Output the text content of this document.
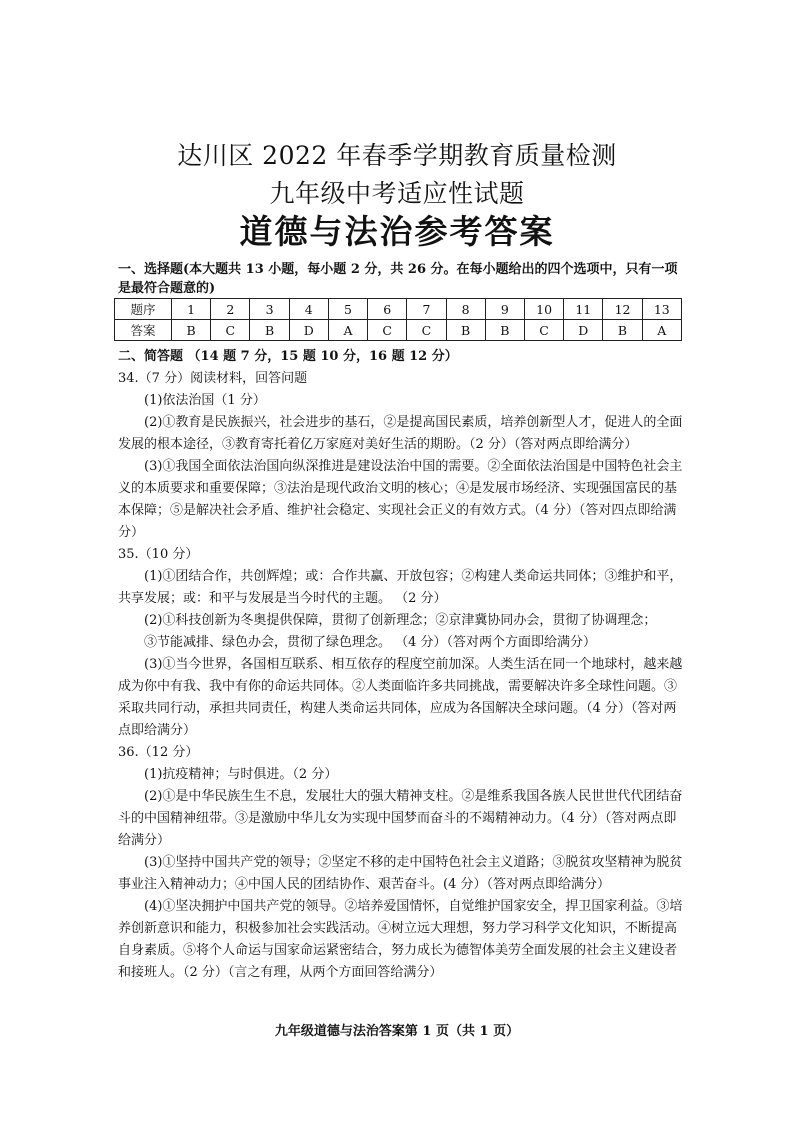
达川区 2022 年春季学期教育质量检测
九年级中考适应性试题
道德与法治参考答案
一、选择题(本大题共 13 小题，每小题 2 分，共 26 分。在每小题给出的四个选项中，只有一项是最符合题意的)
题序	1	2	3	4	5	6	7	8	9	10	11	12	13
答案	B	C	B	D	A	C	C	B	B	C	D	B	A

二、简答题 （14 题 7 分，15 题 10 分，16 题 12 分）

34.（7 分）阅读材料，回答问题

(1)依法治国（1 分）

(2)①教育是民族振兴，社会进步的基石，②是提高国民素质，培养创新型人才，促进人的全面发展的根本途径，③教育寄托着亿万家庭对美好生活的期盼。（2 分）（答对两点即给满分）

(3)①我国全面依法治国向纵深推进是建设法治中国的需要。②全面依法治国是中国特色社会主义的本质要求和重要保障；③法治是现代政治文明的核心；④是发展市场经济、实现强国富民的基本保障；⑤是解决社会矛盾、维护社会稳定、实现社会正义的有效方式。（4 分）（答对四点即给满分）

35.（10 分）

(1)①团结合作，共创辉煌；或：合作共赢、开放包容；②构建人类命运共同体；③维护和平，共享发展；或：和平与发展是当今时代的主题。 （2 分）

(2)①科技创新为冬奥提供保障，贯彻了创新理念；②京津冀协同办会，贯彻了协调理念；

③节能减排、绿色办会，贯彻了绿色理念。 （4 分）（答对两个方面即给满分）

(3)①当今世界，各国相互联系、相互依存的程度空前加深。人类生活在同一个地球村，越来越成为你中有我、我中有你的命运共同体。②人类面临许多共同挑战，需要解决许多全球性问题。③采取共同行动，承担共同责任，构建人类命运共同体，应成为各国解决全球问题。（4 分）（答对两点即给满分）

36.（12 分）

(1)抗疫精神；与时俱进。（2 分）

(2)①是中华民族生生不息，发展壮大的强大精神支柱。②是维系我国各族人民世世代代团结奋斗的中国精神纽带。③是激励中华儿女为实现中国梦而奋斗的不竭精神动力。（4 分）（答对两点即给满分）

(3)①坚持中国共产党的领导；②坚定不移的走中国特色社会主义道路；③脱贫攻坚精神为脱贫事业注入精神动力；④中国人民的团结协作、艰苦奋斗。(4 分）（答对两点即给满分）

(4)①坚决拥护中国共产党的领导。②培养爱国情怀，自觉维护国家安全，捍卫国家利益。③培养创新意识和能力，积极参加社会实践活动。④树立远大理想，努力学习科学文化知识，不断提高自身素质。⑤将个人命运与国家命运紧密结合，努力成长为德智体美劳全面发展的社会主义建设者和接班人。（2 分）（言之有理，从两个方面回答给满分）

九年级道德与法治答案第 1 页（共 1 页）
